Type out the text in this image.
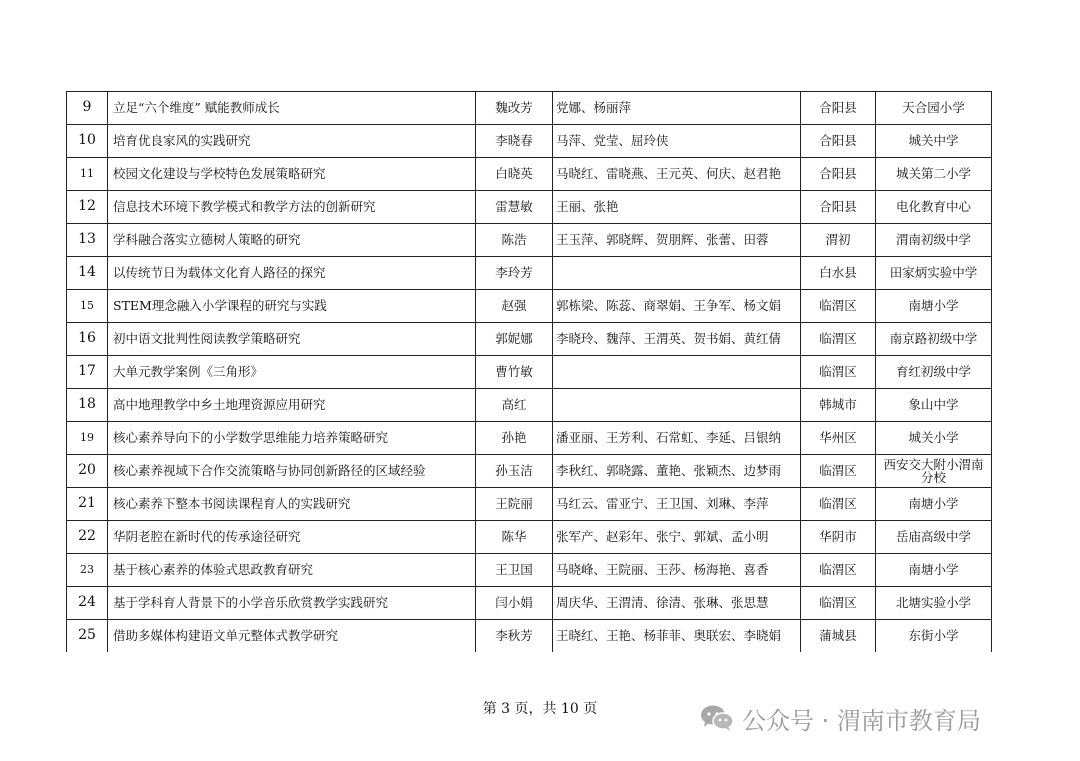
9	立足“六个维度” 赋能教师成长	魏改芳	党娜、杨丽萍	合阳县	天合园小学
10	培育优良家风的实践研究	李晓春	马萍、党莹、屈玲侠	合阳县	城关中学
11	校园文化建设与学校特色发展策略研究	白晓英	马晓红、雷晓燕、王元英、何庆、赵君艳	合阳县	城关第二小学
12	信息技术环境下教学模式和教学方法的创新研究	雷慧敏	王丽、张艳	合阳县	电化教育中心
13	学科融合落实立德树人策略的研究	陈浩	王玉萍、郭晓辉、贺朋辉、张蕾、田蓉	渭初	渭南初级中学
14	以传统节日为载体文化育人路径的探究	李玲芳		白水县	田家炳实验中学
15	STEM理念融入小学课程的研究与实践	赵强	郭栋梁、陈蕊、商翠娟、王争军、杨文娟	临渭区	南塘小学
16	初中语文批判性阅读教学策略研究	郭妮娜	李晓玲、魏萍、王渭英、贺书娟、黄红倩	临渭区	南京路初级中学
17	大单元教学案例《三角形》	曹竹敏		临渭区	育红初级中学
18	高中地理教学中乡土地理资源应用研究	高红		韩城市	象山中学
19	核心素养导向下的小学数学思维能力培养策略研究	孙艳	潘亚丽、王芳利、石常虹、李延、吕银纳	华州区	城关小学
20	核心素养视域下合作交流策略与协同创新路径的区域经验	孙玉洁	李秋红、郭晓露、董艳、张颖杰、边梦雨	临渭区	西安交大附小渭南分校
21	核心素养下整本书阅读课程育人的实践研究	王院丽	马红云、雷亚宁、王卫国、刘琳、李萍	临渭区	南塘小学
22	华阴老腔在新时代的传承途径研究	陈华	张军产、赵彩年、张宁、郭斌、孟小明	华阴市	岳庙高级中学
23	基于核心素养的体验式思政教育研究	王卫国	马晓峰、王院丽、王莎、杨海艳、喜香	临渭区	南塘小学
24	基于学科育人背景下的小学音乐欣赏教学实践研究	闫小娟	周庆华、王渭清、徐清、张琳、张思慧	临渭区	北塘实验小学
25	借助多媒体构建语文单元整体式教学研究	李秋芳	王晓红、王艳、杨菲菲、奥联宏、李晓娟	蒲城县	东街小学
第 3 页，共 10 页	公众号 · 渭南市教育局
